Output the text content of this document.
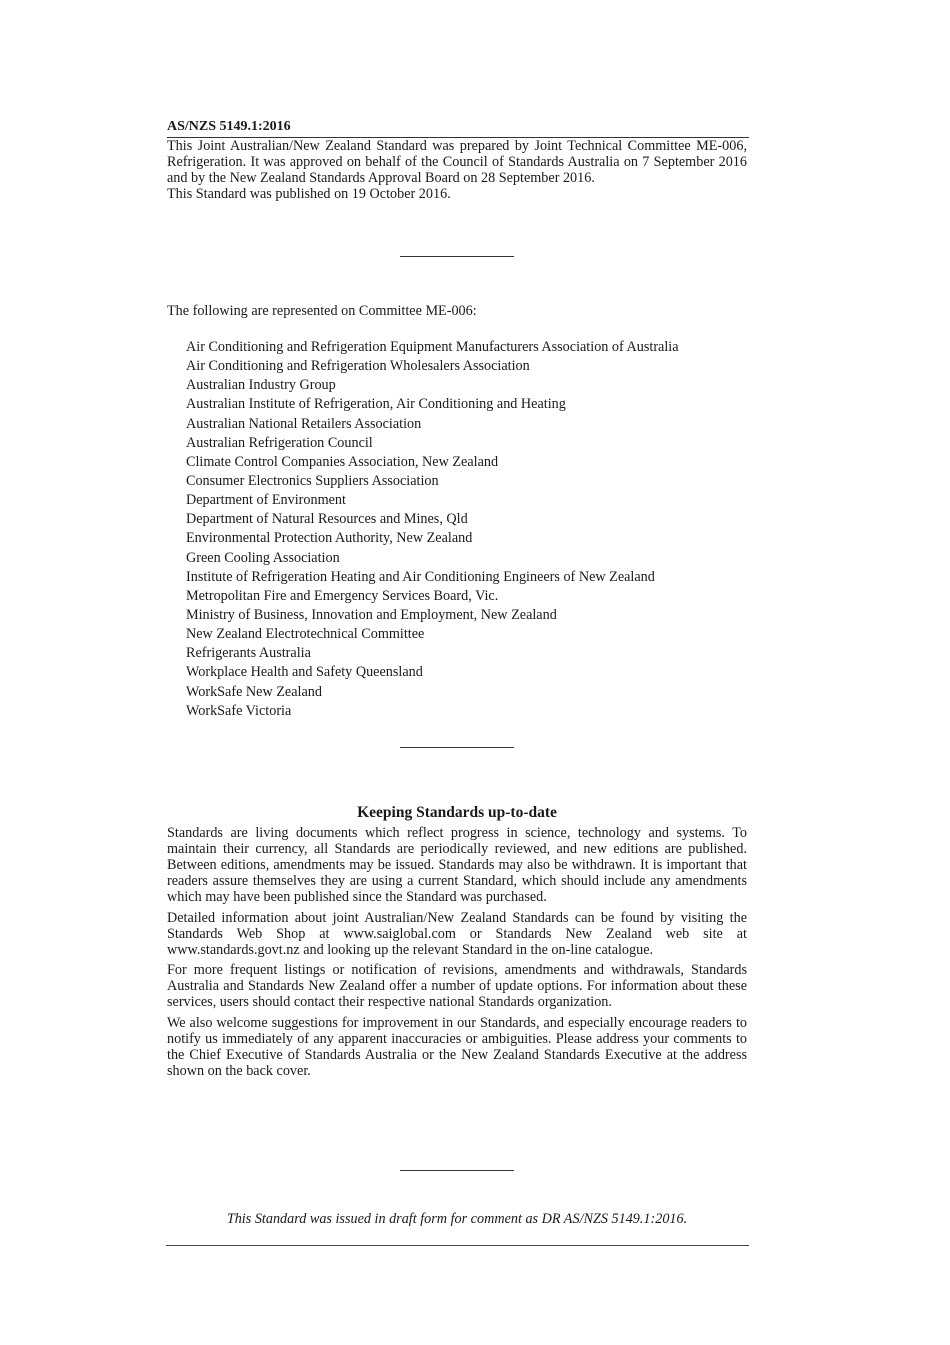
AS/NZS 5149.1:2016

This Joint Australian/New Zealand Standard was prepared by Joint Technical Committee ME-006, Refrigeration. It was approved on behalf of the Council of Standards Australia on 7 September 2016 and by the New Zealand Standards Approval Board on 28 September 2016.

This Standard was published on 19 October 2016.

The following are represented on Committee ME-006:
Air Conditioning and Refrigeration Equipment Manufacturers Association of Australia
Air Conditioning and Refrigeration Wholesalers Association
Australian Industry Group
Australian Institute of Refrigeration, Air Conditioning and Heating
Australian National Retailers Association
Australian Refrigeration Council
Climate Control Companies Association, New Zealand
Consumer Electronics Suppliers Association
Department of Environment
Department of Natural Resources and Mines, Qld
Environmental Protection Authority, New Zealand
Green Cooling Association
Institute of Refrigeration Heating and Air Conditioning Engineers of New Zealand
Metropolitan Fire and Emergency Services Board, Vic.
Ministry of Business, Innovation and Employment, New Zealand
New Zealand Electrotechnical Committee
Refrigerants Australia
Workplace Health and Safety Queensland
WorkSafe New Zealand
WorkSafe Victoria
Keeping Standards up-to-date

Standards are living documents which reflect progress in science, technology and systems. To maintain their currency, all Standards are periodically reviewed, and new editions are published. Between editions, amendments may be issued. Standards may also be withdrawn. It is important that readers assure themselves they are using a current Standard, which should include any amendments which may have been published since the Standard was purchased.

Detailed information about joint Australian/New Zealand Standards can be found by visiting the Standards Web Shop at www.saiglobal.com or Standards New Zealand web site at www.standards.govt.nz and looking up the relevant Standard in the on-line catalogue.

For more frequent listings or notification of revisions, amendments and withdrawals, Standards Australia and Standards New Zealand offer a number of update options. For information about these services, users should contact their respective national Standards organization.

We also welcome suggestions for improvement in our Standards, and especially encourage readers to notify us immediately of any apparent inaccuracies or ambiguities. Please address your comments to the Chief Executive of Standards Australia or the New Zealand Standards Executive at the address shown on the back cover.

This Standard was issued in draft form for comment as DR AS/NZS 5149.1:2016.
